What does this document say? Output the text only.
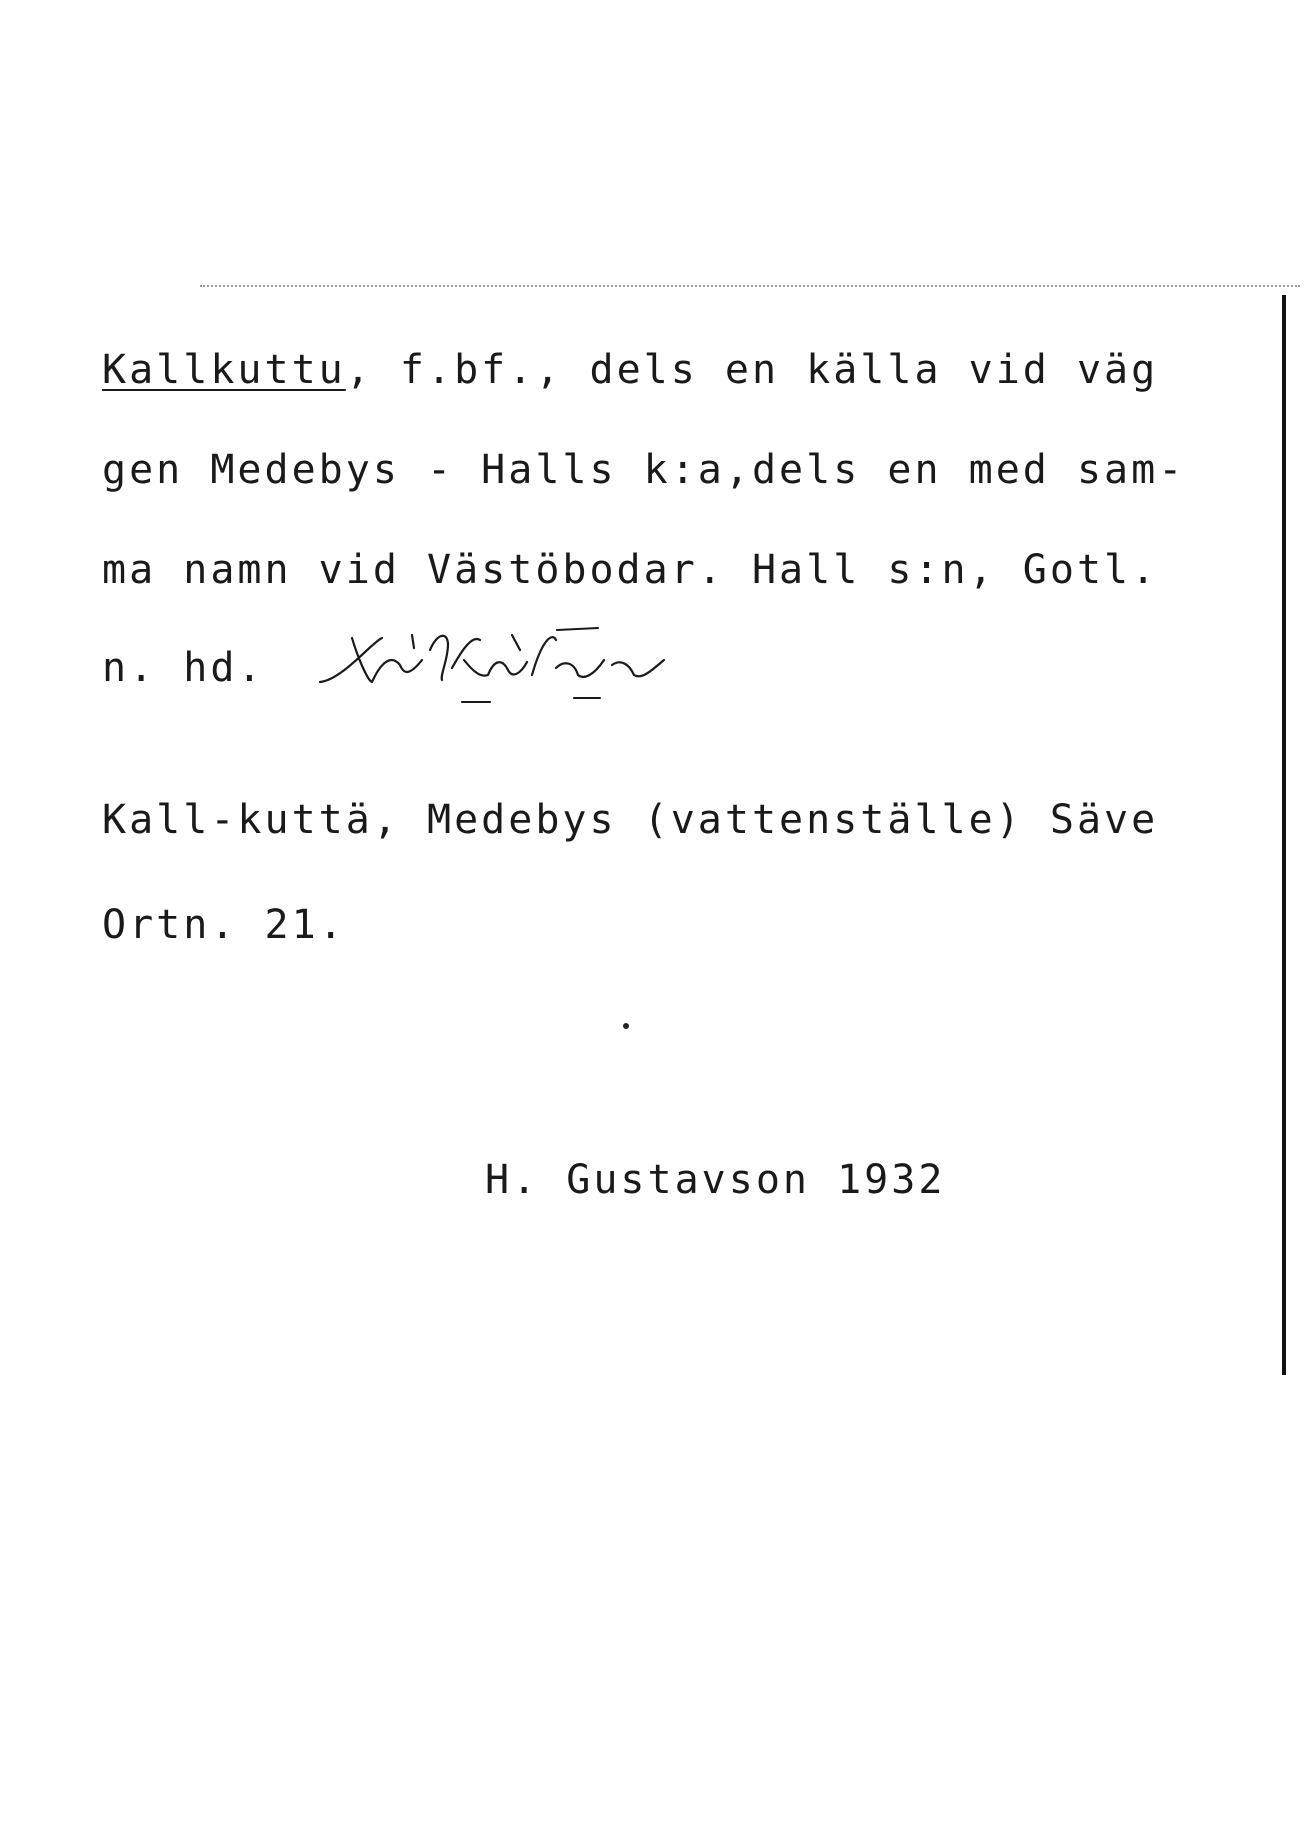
Kallkuttu, f.bf., dels en källa vid väg
gen Medebys - Halls k:a,dels en med sam-
ma namn vid Västöbodar. Hall s:n, Gotl.
n. hd.
Kall-kuttä, Medebys (vattenställe) Säve
Ortn. 21.
H. Gustavson 1932
